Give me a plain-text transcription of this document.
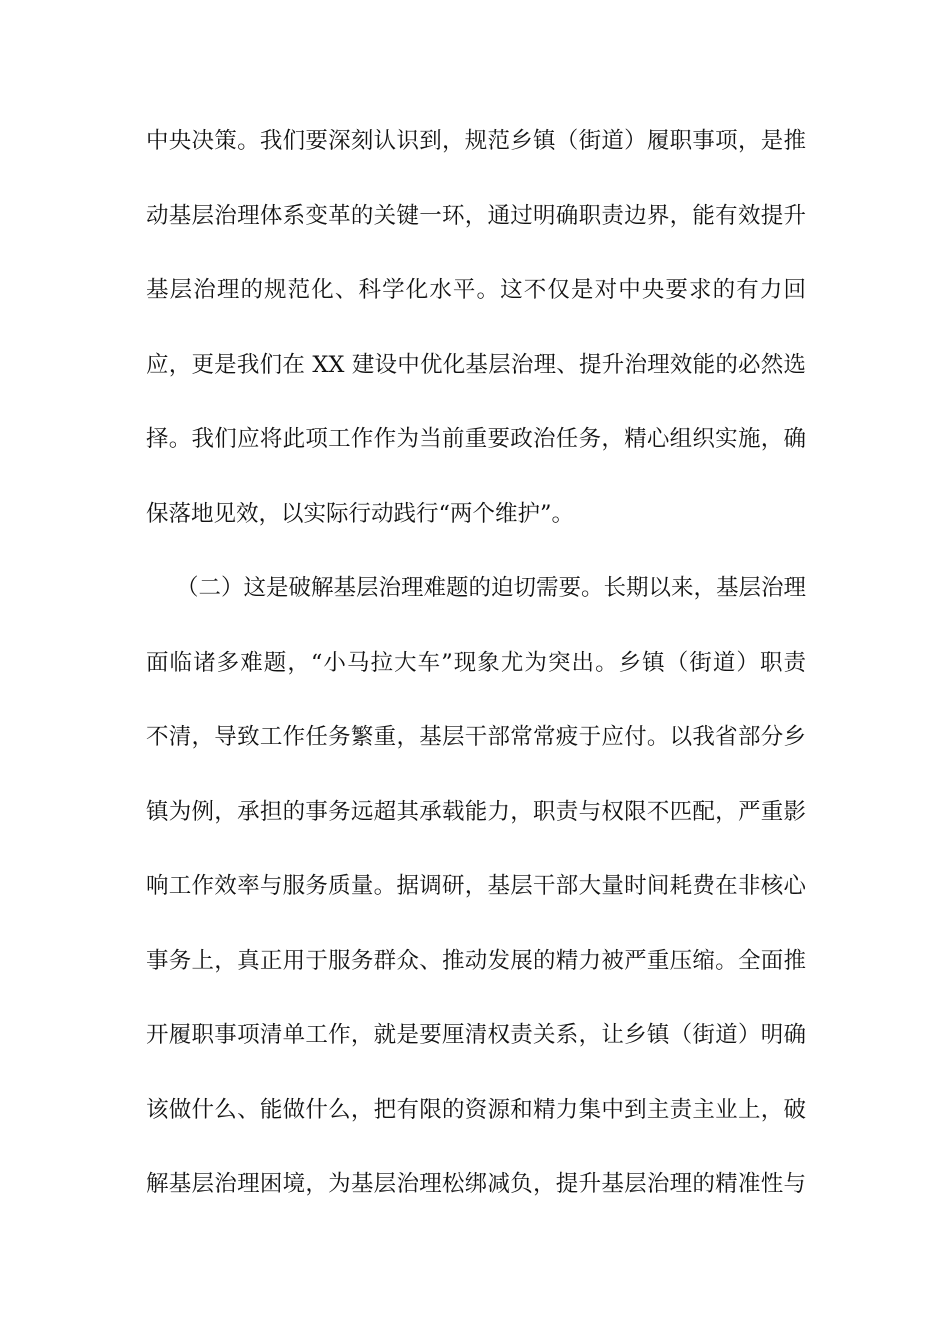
中央决策。我们要深刻认识到，规范乡镇（街道）履职事项，是推
动基层治理体系变革的关键一环，通过明确职责边界，能有效提升
基层治理的规范化、科学化水平。这不仅是对中央要求的有力回
应，更是我们在 XX 建设中优化基层治理、提升治理效能的必然选
择。我们应将此项工作作为当前重要政治任务，精心组织实施，确
保落地见效，以实际行动践行“两个维护”。
（二）这是破解基层治理难题的迫切需要。长期以来，基层治理
面临诸多难题，“小马拉大车”现象尤为突出。乡镇（街道）职责
不清，导致工作任务繁重，基层干部常常疲于应付。以我省部分乡
镇为例，承担的事务远超其承载能力，职责与权限不匹配，严重影
响工作效率与服务质量。据调研，基层干部大量时间耗费在非核心
事务上，真正用于服务群众、推动发展的精力被严重压缩。全面推
开履职事项清单工作，就是要厘清权责关系，让乡镇（街道）明确
该做什么、能做什么，把有限的资源和精力集中到主责主业上，破
解基层治理困境，为基层治理松绑减负，提升基层治理的精准性与
